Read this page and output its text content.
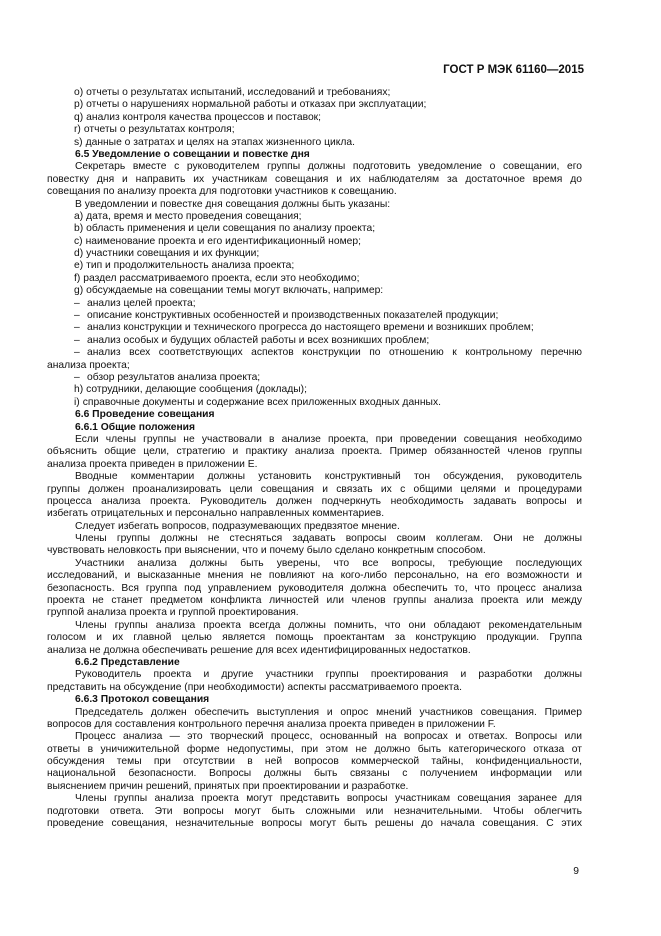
ГОСТ Р МЭК 61160—2015
o) отчеты о результатах испытаний, исследований и требованиях;
p) отчеты о нарушениях нормальной работы и отказах при эксплуатации;
q) анализ контроля качества процессов и поставок;
r) отчеты о результатах контроля;
s) данные о затратах и целях на этапах жизненного цикла.
6.5 Уведомление о совещании и повестке дня
Секретарь вместе с руководителем группы должны подготовить уведомление о совещании, его
повестку дня и направить их участникам совещания и их наблюдателям за достаточное время до
совещания по анализу проекта для подготовки участников к совещанию.
В уведомлении и повестке дня совещания должны быть указаны:
a) дата, время и место проведения совещания;
b) область применения и цели совещания по анализу проекта;
c) наименование проекта и его идентификационный номер;
d) участники совещания и их функции;
e) тип и продолжительность анализа проекта;
f) раздел рассматриваемого проекта, если это необходимо;
g) обсуждаемые на совещании темы могут включать, например:
– анализ целей проекта;
– описание конструктивных особенностей и производственных показателей продукции;
– анализ конструкции и технического прогресса до настоящего времени и возникших проблем;
– анализ особых и будущих областей работы и всех возникших проблем;
– анализ всех соответствующих аспектов конструкции по отношению к контрольному перечню
анализа проекта;
– обзор результатов анализа проекта;
h) сотрудники, делающие сообщения (доклады);
i) справочные документы и содержание всех приложенных входных данных.
6.6 Проведение совещания
6.6.1 Общие положения
Если члены группы не участвовали в анализе проекта, при проведении совещания необходимо
объяснить общие цели, стратегию и практику анализа проекта. Пример обязанностей членов группы
анализа проекта приведен в приложении Е.
Вводные комментарии должны установить конструктивный тон обсуждения, руководитель
группы должен проанализировать цели совещания и связать их с общими целями и процедурами
процесса анализа проекта. Руководитель должен подчеркнуть необходимость задавать вопросы и
избегать отрицательных и персонально направленных комментариев.
Следует избегать вопросов, подразумевающих предвзятое мнение.
Члены группы должны не стесняться задавать вопросы своим коллегам. Они не должны
чувствовать неловкость при выяснении, что и почему было сделано конкретным способом.
Участники анализа должны быть уверены, что все вопросы, требующие последующих
исследований, и высказанные мнения не повлияют на кого-либо персонально, на его возможности и
безопасность. Вся группа под управлением руководителя должна обеспечить то, что процесс анализа
проекта не станет предметом конфликта личностей или членов группы анализа проекта или между
группой анализа проекта и группой проектирования.
Члены группы анализа проекта всегда должны помнить, что они обладают рекомендательным
голосом и их главной целью является помощь проектантам за конструкцию продукции. Группа
анализа не должна обеспечивать решение для всех идентифицированных недостатков.
6.6.2 Представление
Руководитель проекта и другие участники группы проектирования и разработки должны
представить на обсуждение (при необходимости) аспекты рассматриваемого проекта.
6.6.3 Протокол совещания
Председатель должен обеспечить выступления и опрос мнений участников совещания. Пример
вопросов для составления контрольного перечня анализа проекта приведен в приложении F.
Процесс анализа — это творческий процесс, основанный на вопросах и ответах. Вопросы или
ответы в уничижительной форме недопустимы, при этом не должно быть категорического отказа от
обсуждения темы при отсутствии в ней вопросов коммерческой тайны, конфиденциальности,
национальной безопасности. Вопросы должны быть связаны с получением информации или
выяснением причин решений, принятых при проектировании и разработке.
Члены группы анализа проекта могут представить вопросы участникам совещания заранее для
подготовки ответа. Эти вопросы могут быть сложными или незначительными. Чтобы облегчить
проведение совещания, незначительные вопросы могут быть решены до начала совещания. С этих
9
